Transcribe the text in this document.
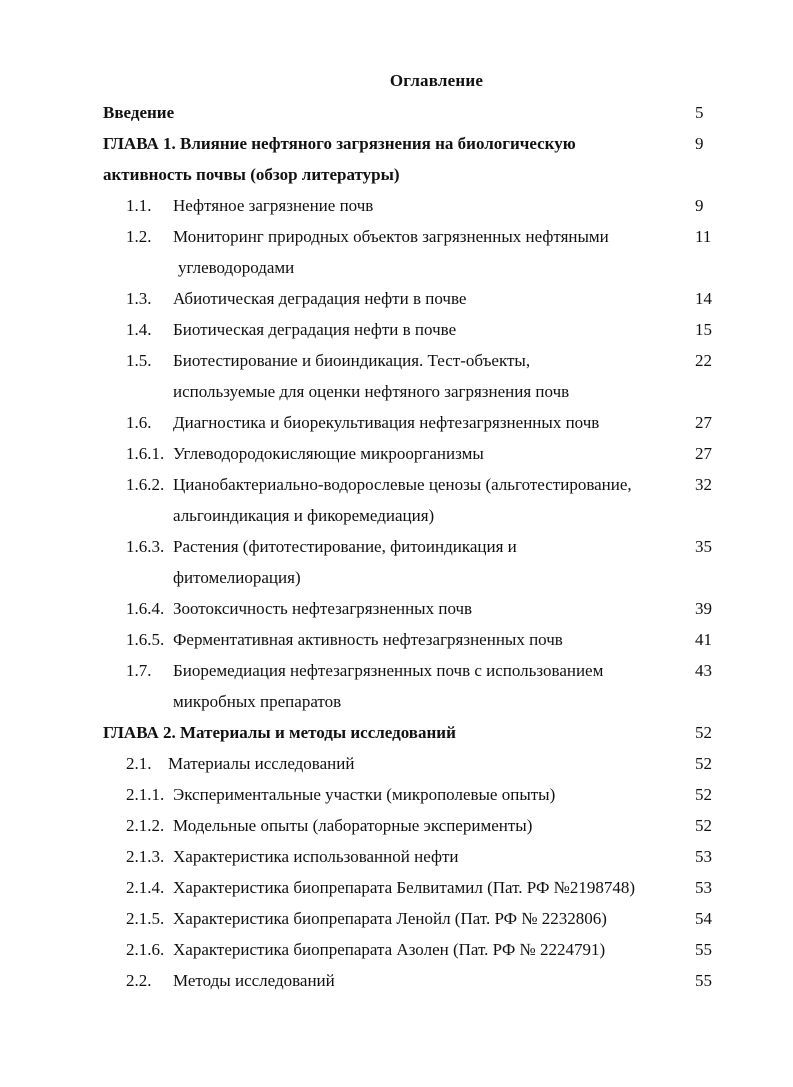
Оглавление
Введение	5
ГЛАВА 1. Влияние нефтяного загрязнения на биологическую	9
активность почвы (обзор литературы)
1.1. Нефтяное загрязнение почв	9
1.2. Мониторинг природных объектов загрязненных нефтяными	11
углеводородами
1.3. Абиотическая деградация нефти в почве	14
1.4. Биотическая деградация нефти в почве	15
1.5. Биотестирование и биоиндикация. Тест-объекты,	22
используемые для оценки нефтяного загрязнения почв
1.6. Диагностика и биорекультивация нефтезагрязненных почв	27
1.6.1. Углеводородокисляющие микроорганизмы	27
1.6.2. Цианобактериально-водорослевые ценозы (альготестирование,	32
альгоиндикация и фикоремедиация)
1.6.3. Растения (фитотестирование, фитоиндикация и	35
фитомелиорация)
1.6.4. Зоотоксичность нефтезагрязненных почв	39
1.6.5. Ферментативная активность нефтезагрязненных почв	41
1.7. Биоремедиация нефтезагрязненных почв с использованием	43
микробных препаратов
ГЛАВА 2. Материалы и методы исследований	52
2.1. Материалы исследований	52
2.1.1. Экспериментальные участки (микрополевые опыты)	52
2.1.2. Модельные опыты (лабораторные эксперименты)	52
2.1.3. Характеристика использованной нефти	53
2.1.4. Характеристика биопрепарата Белвитамил (Пат. РФ №2198748)	53
2.1.5. Характеристика биопрепарата Ленойл (Пат. РФ № 2232806)	54
2.1.6. Характеристика биопрепарата Азолен (Пат. РФ № 2224791)	55
2.2. Методы исследований	55
